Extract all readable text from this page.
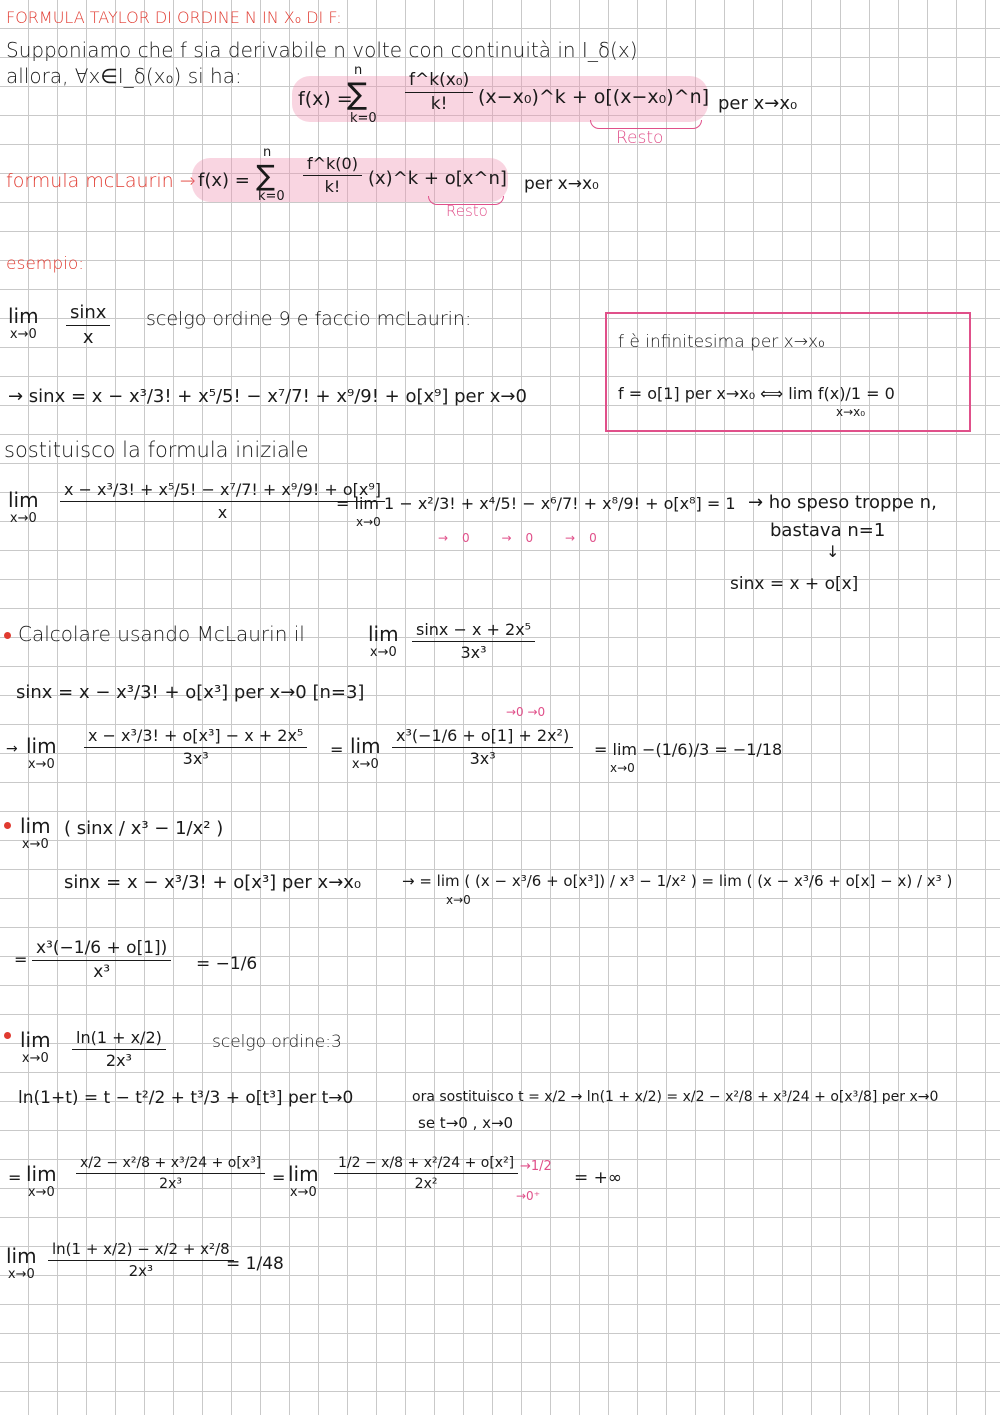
FORMULA TAYLOR DI ORDINE N IN X₀ DI F:
Supponiamo che f sia derivabile n volte con continuità in I_δ(x)
allora, ∀x∈I_δ(x₀) si ha:
f(x) =
∑
n
k=0
$\frac{\text{f\textasciicircum{}k(x₀)}}{k!}$ (x−x₀)^k + o[(x−x₀)^n] per x→x₀
Resto
formula mcLaurin → f(x) = ∑
n
k=0
$\frac{f\^{}k(0)}{k!}$ (x)^k + o[x^n] per x→x₀
Resto
esempio:
lim
$x\to 0 \frac{\sin x}{x}$ scelgo ordine 9 e faccio mcLaurin:
→ sinx = x − x³/3! + x⁵/5! − x⁷/7! + x⁹/9! + o[x⁹] per x→0
sostituisco la formula iniziale
lim
$x\to 0 \frac{\text{x − x³/3! + x⁵/5! − x⁷/7! + x⁹/9! + o[x⁹]}}{x}$
= lim 1 − x²/3! + x⁴/5! − x⁶/7! + x⁸/9! + o[x⁸] = 1
x→0
→0 →0 →0
→ ho speso troppe n,
bastava n=1
↓
sinx = x + o[x]
f è infinitesima per x→x₀
f = o[1] per x→x₀ ⟺ lim f(x)/1 = 0
x→x₀
Calcolare usando McLaurin il	lim
$x\to 0 \frac{\text{sinx − x + 2x⁵}}{\text{3x³}}$
sinx = x − x³/3! + o[x³] per x→0 [n=3]
lim
x→0
→	$\frac{\text{x − x³/3! + o[x³] − x + 2x⁵}}{\text{3x³}}$ lim
x→0
=
→0 →0
$\frac{\text{x³(−1/6 + o[1] + 2x²)}}{\text{3x³}} = \lim -(1/6)/3 = -1/18$
x→0
lim
x→0
( sinx / x³ − 1/x² )
sinx = x − x³/3! + o[x³] per x→x₀	→ = lim ( (x − x³/6 + o[x³]) / x³ − 1/x² ) = lim ( (x − x³/6 + o[x] − x) / x³ )
x→0
= $\frac{\text{x³(−1/6 + o[1])}}{\text{x³}} = -1/6$
lim
$x\to 0 \frac{\ln(1 + x/2)}{\text{2x³}}$	scelgo ordine:3
ln(1+t) = t − t²/2 + t³/3 + o[t³] per t→0	ora sostituisco t = x/2 → ln(1 + x/2) = x/2 − x²/8 + x³/24 + o[x³/8] per x→0
se t→0 , x→0
= lim
x→0
$\frac{\text{x/2 − x²/8 + x³/24 + o[x³]}}{\text{2x³}} = \lim$
x→0
$\frac{\text{1/2 − x/8 + x²/24 + o[x²]}}{\text{2x²}} \to 1/2$
→0⁺
= +∞
lim
$x\to 0 \frac{\text{ln(1 + x/2) − x/2 + x²/8}}{\text{2x³}}$
= 1/48
